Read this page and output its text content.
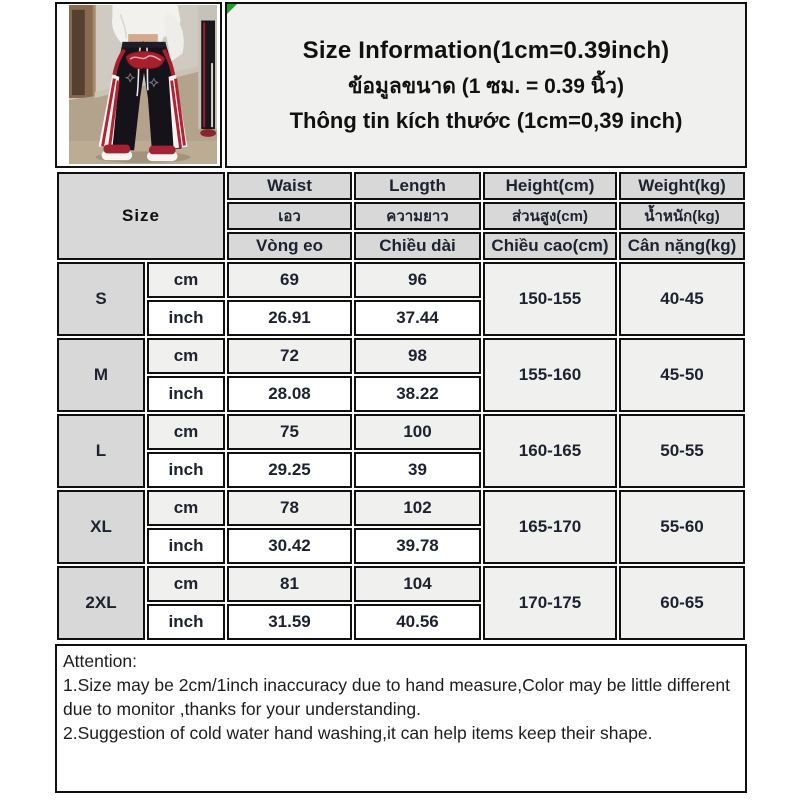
Size Information(1cm=0.39inch)
ข้อมูลขนาด (1 ซม. = 0.39 นิ้ว)
Thông tin kích thước (1cm=0,39 inch)
Size		Waist	Length	Height(cm)	Weight(kg)
		เอว	ความยาว	ส่วนสูง(cm)	น้ำหนัก(kg)
		Vòng eo	Chiều dài	Chiều cao(cm)	Cân nặng(kg)
S	cm	69	96	150-155	40-45
	inch	26.91	37.44		
M	cm	72	98	155-160	45-50
	inch	28.08	38.22		
L	cm	75	100	160-165	50-55
	inch	29.25	39		
XL	cm	78	102	165-170	55-60
	inch	30.42	39.78		
2XL	cm	81	104	170-175	60-65
	inch	31.59	40.56		
Attention:
1.Size may be 2cm/1inch inaccuracy due to hand measure,Color may be little different due to monitor ,thanks for your understanding.
2.Suggestion of cold water hand washing,it can help items keep their shape.
